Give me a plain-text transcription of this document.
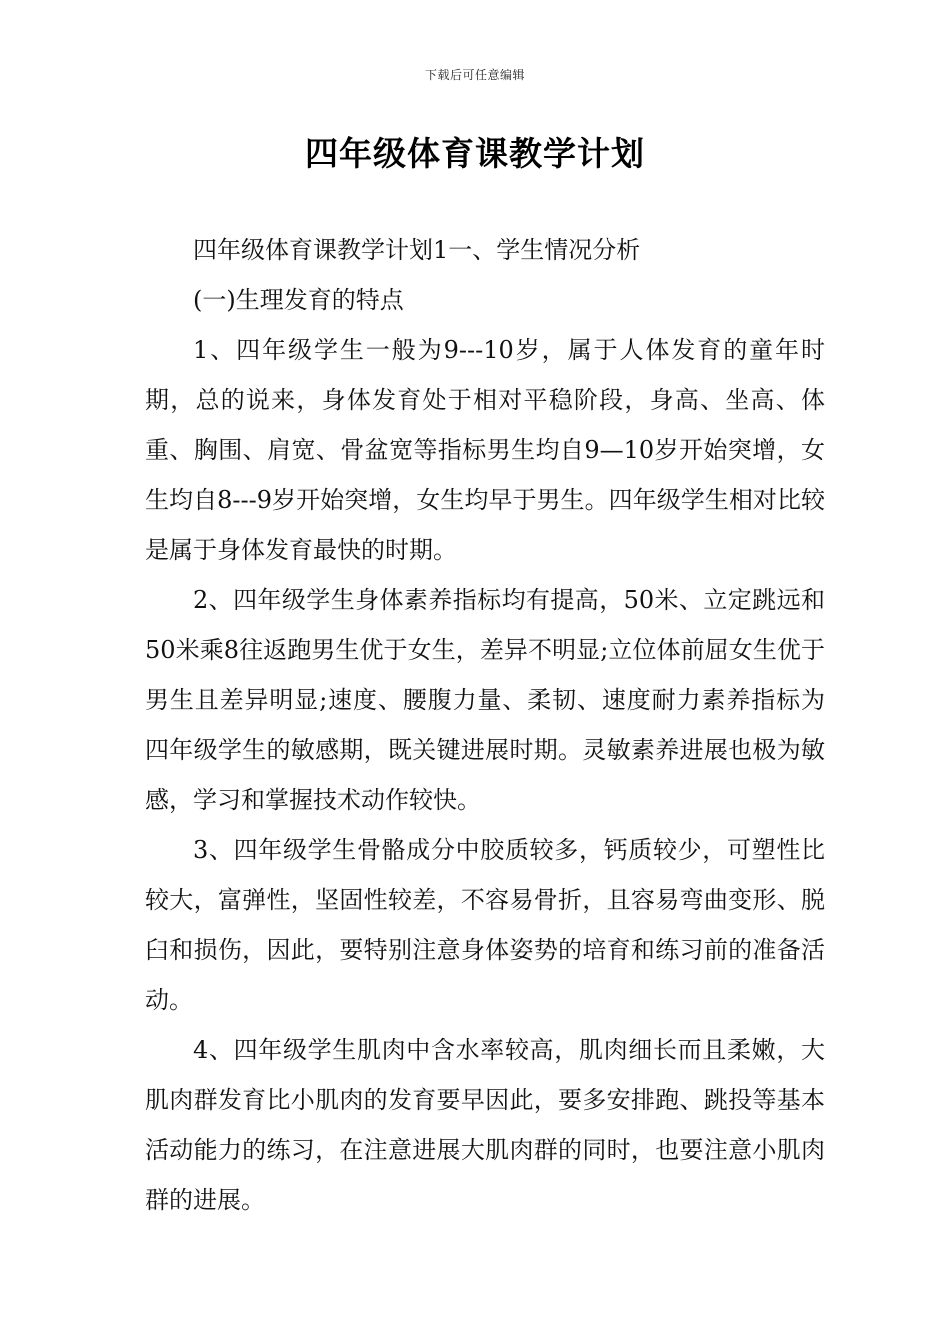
下载后可任意编辑
四年级体育课教学计划

四年级体育课教学计划1一、学生情况分析

(一)生理发育的特点

1、四年级学生一般为9---10岁，属于人体发育的童年时期，总的说来，身体发育处于相对平稳阶段，身高、坐高、体重、胸围、肩宽、骨盆宽等指标男生均自9—10岁开始突增，女生均自8---9岁开始突增，女生均早于男生。四年级学生相对比较是属于身体发育最快的时期。

2、四年级学生身体素养指标均有提高，50米、立定跳远和50米乘8往返跑男生优于女生，差异不明显;立位体前屈女生优于男生且差异明显;速度、腰腹力量、柔韧、速度耐力素养指标为四年级学生的敏感期，既关键进展时期。灵敏素养进展也极为敏感，学习和掌握技术动作较快。

3、四年级学生骨骼成分中胶质较多，钙质较少，可塑性比较大，富弹性，坚固性较差，不容易骨折，且容易弯曲变形、脱臼和损伤，因此，要特别注意身体姿势的培育和练习前的准备活动。

4、四年级学生肌肉中含水率较高，肌肉细长而且柔嫩，大肌肉群发育比小肌肉的发育要早因此，要多安排跑、跳投等基本活动能力的练习，在注意进展大肌肉群的同时，也要注意小肌肉群的进展。
